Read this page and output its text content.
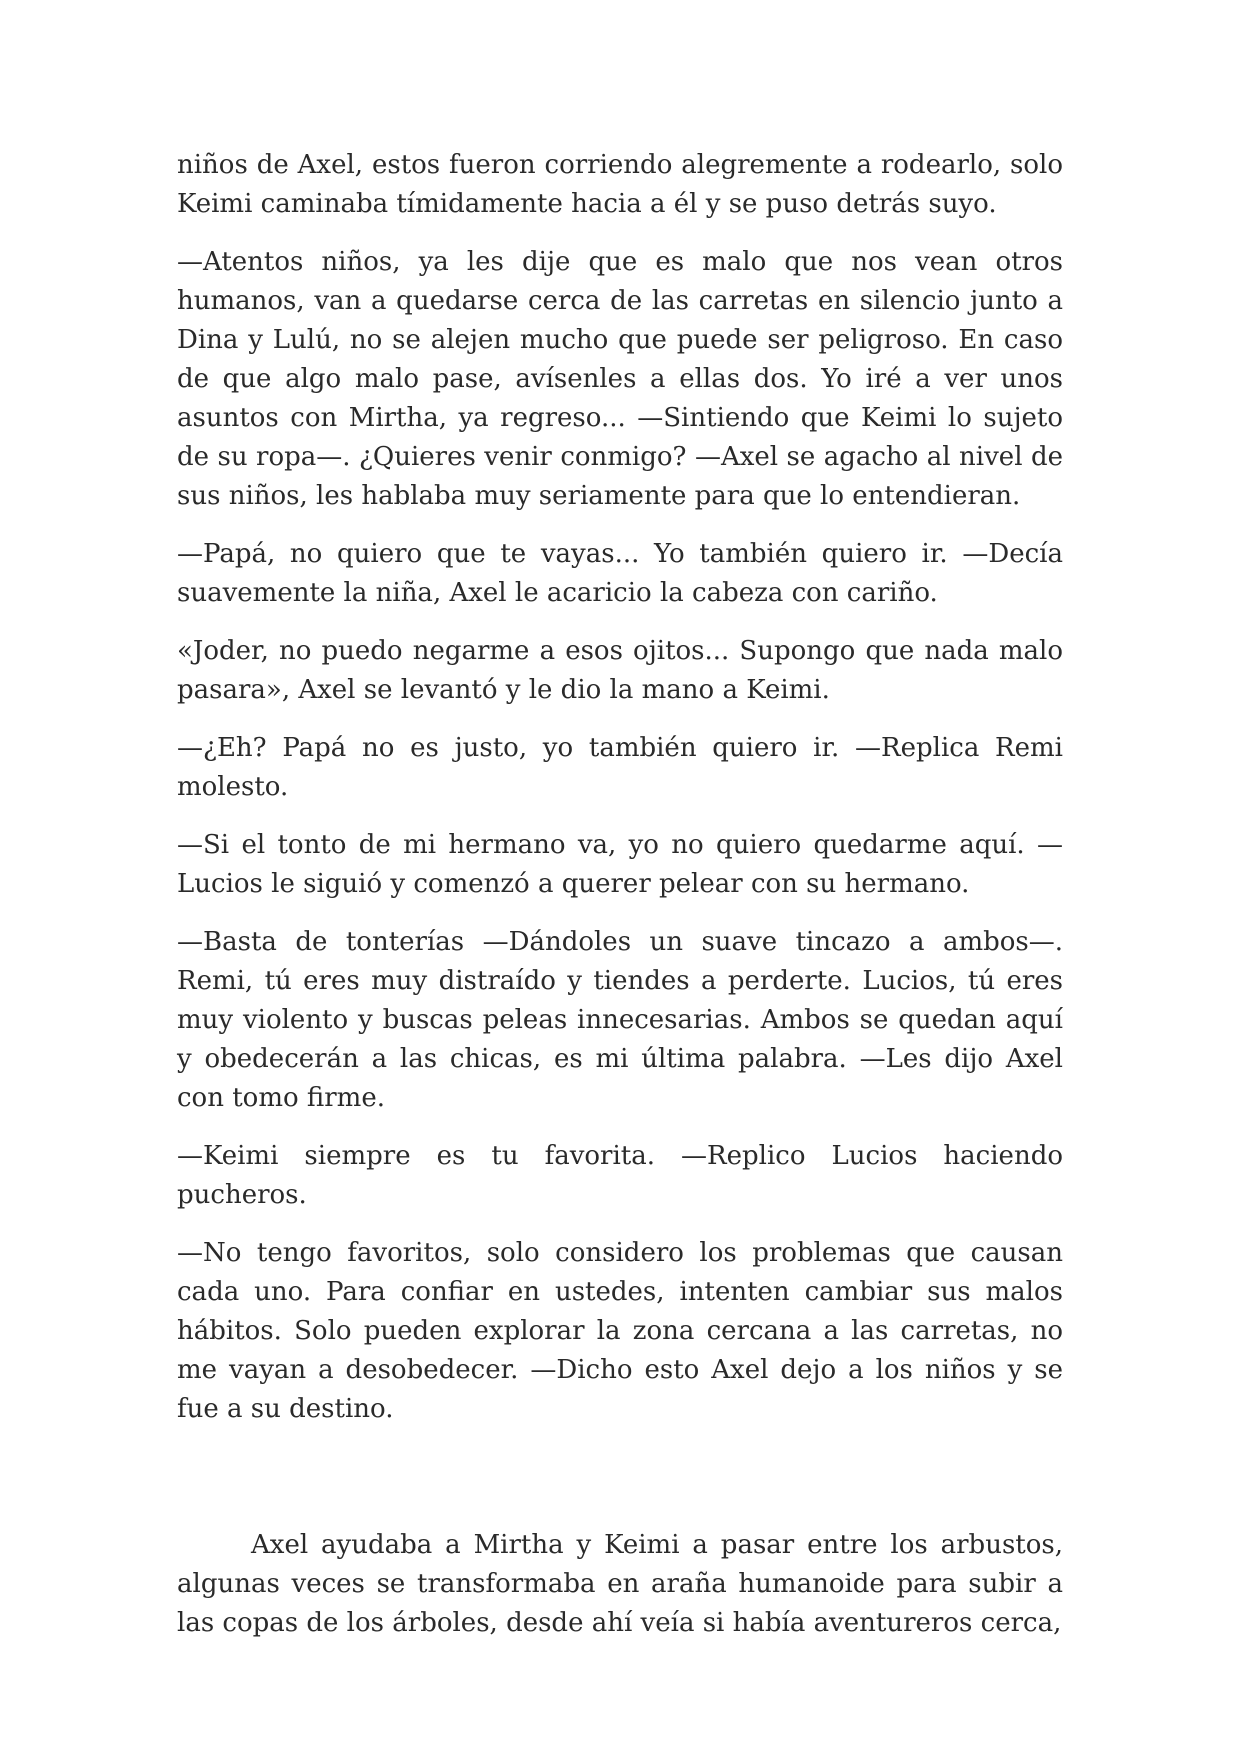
niños de Axel, estos fueron corriendo alegremente a rodearlo, solo Keimi caminaba tímidamente hacia a él y se puso detrás suyo.

—Atentos niños, ya les dije que es malo que nos vean otros humanos, van a quedarse cerca de las carretas en silencio junto a Dina y Lulú, no se alejen mucho que puede ser peligroso. En caso de que algo malo pase, avísenles a ellas dos. Yo iré a ver unos asuntos con Mirtha, ya regreso... —Sintiendo que Keimi lo sujeto de su ropa—. ¿Quieres venir conmigo? —Axel se agacho al nivel de sus niños, les hablaba muy seriamente para que lo entendieran.

—Papá, no quiero que te vayas... Yo también quiero ir. —Decía suavemente la niña, Axel le acaricio la cabeza con cariño.

«Joder, no puedo negarme a esos ojitos... Supongo que nada malo pasara», Axel se levantó y le dio la mano a Keimi.

—¿Eh? Papá no es justo, yo también quiero ir. —Replica Remi molesto.

—Si el tonto de mi hermano va, yo no quiero quedarme aquí. —Lucios le siguió y comenzó a querer pelear con su hermano.

—Basta de tonterías —Dándoles un suave tincazo a ambos—. Remi, tú eres muy distraído y tiendes a perderte. Lucios, tú eres muy violento y buscas peleas innecesarias. Ambos se quedan aquí y obedecerán a las chicas, es mi última palabra. —Les dijo Axel con tomo firme.

—Keimi siempre es tu favorita. —Replico Lucios haciendo pucheros.

—No tengo favoritos, solo considero los problemas que causan cada uno. Para confiar en ustedes, intenten cambiar sus malos hábitos. Solo pueden explorar la zona cercana a las carretas, no me vayan a desobedecer. —Dicho esto Axel dejo a los niños y se fue a su destino.

Axel ayudaba a Mirtha y Keimi a pasar entre los arbustos, algunas veces se transformaba en araña humanoide para subir a las copas de los árboles, desde ahí veía si había aventureros cerca,
